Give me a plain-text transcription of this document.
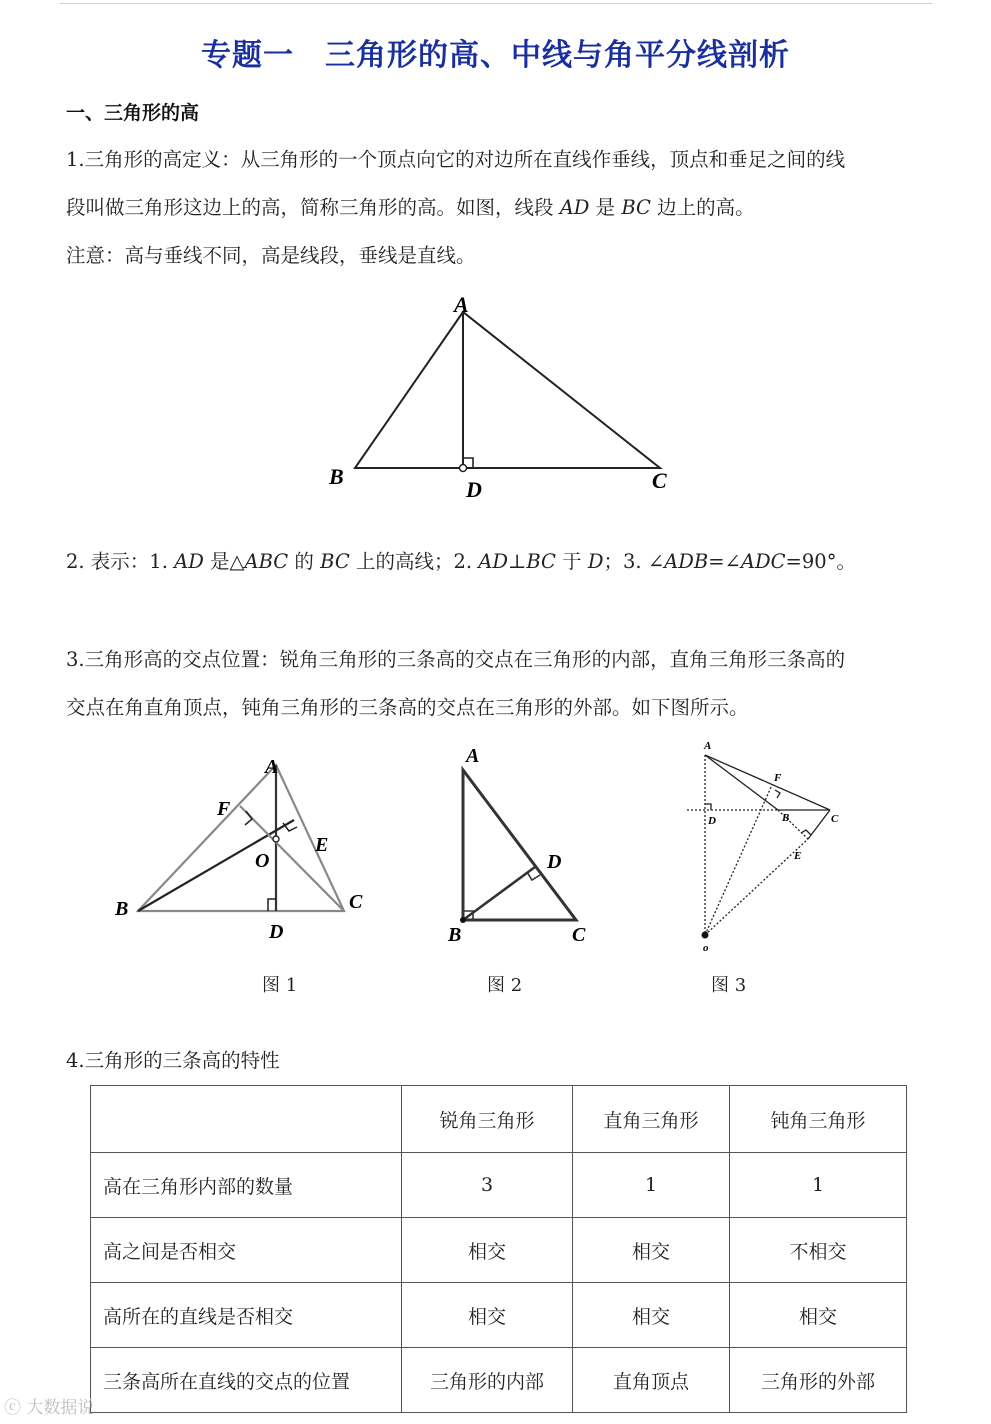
专题一　三角形的高、中线与角平分线剖析
一、三角形的高
1.三角形的高定义：从三角形的一个顶点向它的对边所在直线作垂线，顶点和垂足之间的线
段叫做三角形这边上的高，简称三角形的高。如图，线段 AD 是 BC 边上的高。
注意：高与垂线不同，高是线段，垂线是直线。
A
B	C
D
2. 表示：1. AD 是△ABC 的 BC 上的高线；2. AD⊥BC 于 D；3. ∠ADB=∠ADC=90°。
3.三角形高的交点位置：锐角三角形的三条高的交点在三角形的内部，直角三角形三条高的
交点在角直角顶点，钝角三角形的三条高的交点在三角形的外部。如下图所示。
A
B	C
D
E
F
O
A
B	C
D
A
B	C
D
E
F
o
图 1	图 2	图 3
4.三角形的三条高的特性
	锐角三角形	直角三角形	钝角三角形
高在三角形内部的数量	3	1	1
高之间是否相交	相交	相交	不相交
高所在的直线是否相交	相交	相交	相交
三条高所在直线的交点的位置	三角形的内部	直角顶点	三角形的外部
ⓒ 大数据说
